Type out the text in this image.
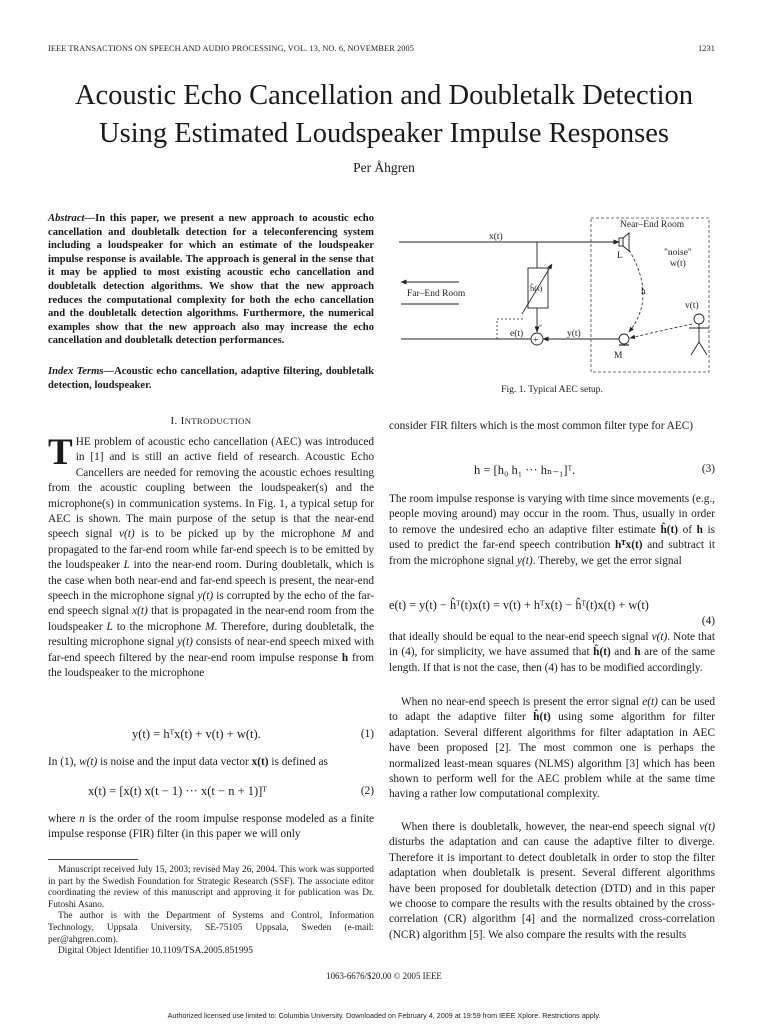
IEEE TRANSACTIONS ON SPEECH AND AUDIO PROCESSING, VOL. 13, NO. 6, NOVEMBER 2005	1231
Acoustic Echo Cancellation and Doubletalk Detection
Using Estimated Loudspeaker Impulse Responses
Per Åhgren
Abstract—In this paper, we present a new approach to acoustic echo cancellation and doubletalk detection for a teleconferencing system including a loudspeaker for which an estimate of the loudspeaker impulse response is available. The approach is general in the sense that it may be applied to most existing acoustic echo cancellation and doubletalk detection algorithms. We show that the new approach reduces the computational complexity for both the echo cancellation and the doubletalk detection algorithms. Furthermore, the numerical examples show that the new approach also may increase the echo cancellation and doubletalk detection performances.
Index Terms—Acoustic echo cancellation, adaptive filtering, doubletalk detection, loudspeaker.
I. INTRODUCTION
THE problem of acoustic echo cancellation (AEC) was introduced in [1] and is still an active field of research. Acoustic Echo Cancellers are needed for removing the acoustic echoes resulting from the acoustic coupling between the loudspeaker(s) and the microphone(s) in communication systems. In Fig. 1, a typical setup for AEC is shown. The main purpose of the setup is that the near-end speech signal v(t) is to be picked up by the microphone M and propagated to the far-end room while far-end speech is to be emitted by the loudspeaker L into the near-end room. During doubletalk, which is the case when both near-end and far-end speech is present, the near-end speech in the microphone signal y(t) is corrupted by the echo of the far-end speech signal x(t) that is propagated in the near-end room from the loudspeaker L to the microphone M. Therefore, during doubletalk, the resulting microphone signal y(t) consists of near-end speech mixed with far-end speech filtered by the near-end room impulse response h from the loudspeaker to the microphone
y(t) = hᵀx(t) + v(t) + w(t).	(1)
In (1), w(t) is noise and the input data vector x(t) is defined as
x(t) = [x(t) x(t − 1) ··· x(t − n + 1)]ᵀ	(2)
where n is the order of the room impulse response modeled as a finite impulse response (FIR) filter (in this paper we will only

Manuscript received July 15, 2003; revised May 26, 2004. This work was supported in part by the Swedish Foundation for Strategic Research (SSF). The associate editor coordinating the review of this manuscript and approving it for publication was Dr. Futoshi Asano.

The author is with the Department of Systems and Control, Information Technology, Uppsala University, SE-75105 Uppsala, Sweden (e-mail: per@ahgren.com).

Digital Object Identifier 10.1109/TSA.2005.851995

Near–End Room
x(t)
L	"noise"
w(t)
Far–End Room
ĥ(t)
-
+
y(t)
e(t)
M
h
v(t)
Fig. 1. Typical AEC setup.
consider FIR filters which is the most common filter type for AEC)
h = [h₀ h₁ ··· hₙ₋₁]ᵀ.	(3)

The room impulse response is varying with time since movements (e.g., people moving around) may occur in the room. Thus, usually in order to remove the undesired echo an adaptive filter estimate ĥ(t) of h is used to predict the far-end speech contribution hᵀx(t) and subtract it from the microphone signal y(t). Thereby, we get the error signal

e(t) = y(t) − ĥᵀ(t)x(t) = v(t) + hᵀx(t) − ĥᵀ(t)x(t) + w(t)
(4)

that ideally should be equal to the near-end speech signal v(t). Note that in (4), for simplicity, we have assumed that ĥ(t) and h are of the same length. If that is not the case, then (4) has to be modified accordingly.

When no near-end speech is present the error signal e(t) can be used to adapt the adaptive filter ĥ(t) using some algorithm for filter adaptation. Several different algorithms for filter adaptation in AEC have been proposed [2]. The most common one is perhaps the normalized least-mean squares (NLMS) algorithm [3] which has been shown to perform well for the AEC problem while at the same time having a rather low computational complexity.

When there is doubletalk, however, the near-end speech signal v(t) disturbs the adaptation and can cause the adaptive filter to diverge. Therefore it is important to detect doubletalk in order to stop the filter adaptation when doubletalk is present. Several different algorithms have been proposed for doubletalk detection (DTD) and in this paper we choose to compare the results with the results obtained by the cross-correlation (CR) algorithm [4] and the normalized cross-correlation (NCR) algorithm [5]. We also compare the results with the results

1063-6676/$20.00 © 2005 IEEE
Authorized licensed use limited to: Columbia University. Downloaded on February 4, 2009 at 19:59 from IEEE Xplore. Restrictions apply.
